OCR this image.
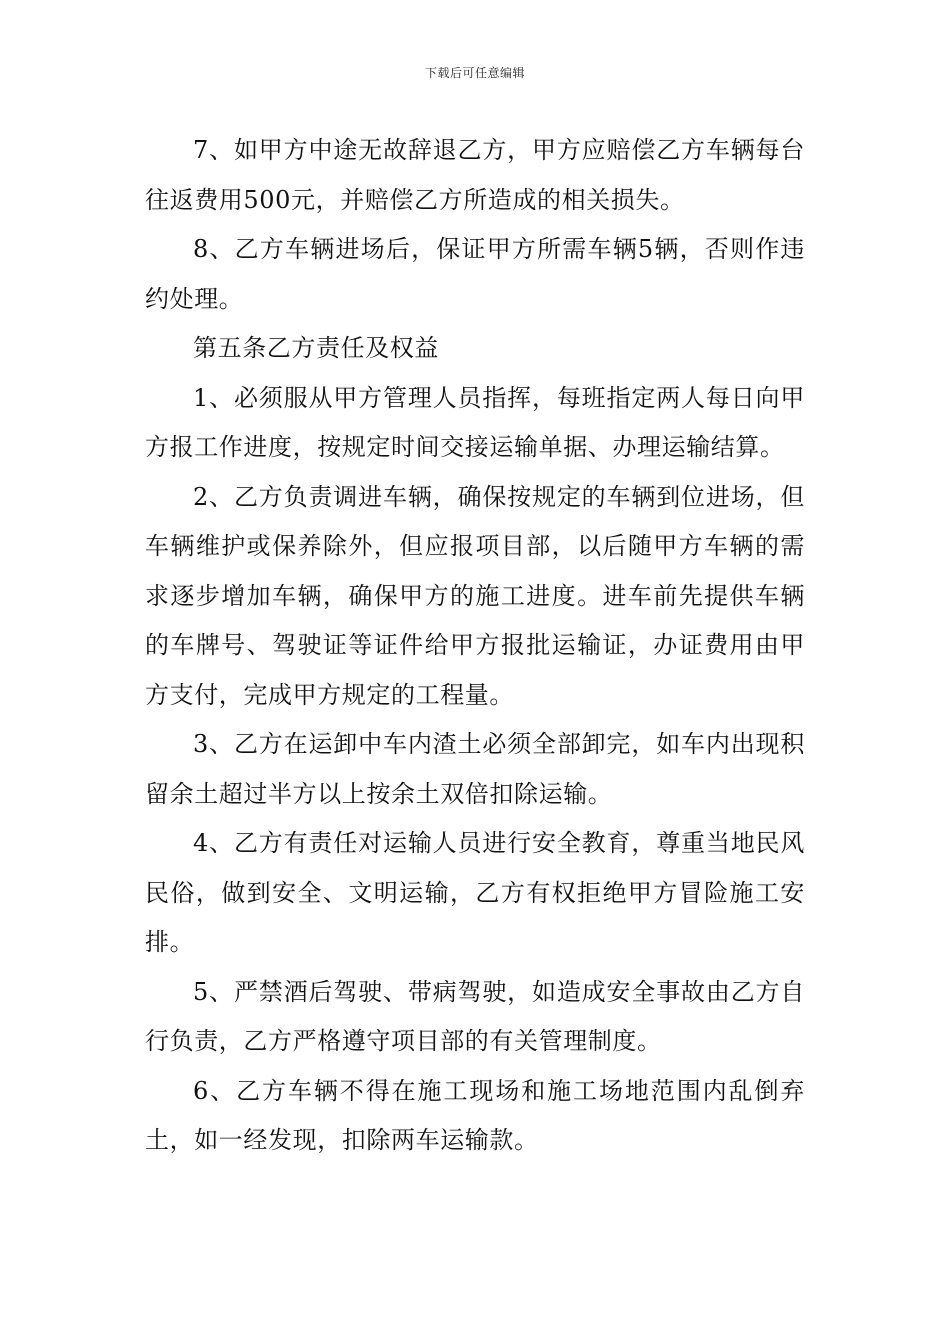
下载后可任意编辑

7、如甲方中途无故辞退乙方，甲方应赔偿乙方车辆每台往返费用500元，并赔偿乙方所造成的相关损失。

8、乙方车辆进场后，保证甲方所需车辆5辆，否则作违约处理。

第五条乙方责任及权益

1、必须服从甲方管理人员指挥，每班指定两人每日向甲方报工作进度，按规定时间交接运输单据、办理运输结算。

2、乙方负责调进车辆，确保按规定的车辆到位进场，但车辆维护或保养除外，但应报项目部，以后随甲方车辆的需求逐步增加车辆，确保甲方的施工进度。进车前先提供车辆的车牌号、驾驶证等证件给甲方报批运输证，办证费用由甲方支付，完成甲方规定的工程量。

3、乙方在运卸中车内渣土必须全部卸完，如车内出现积留余土超过半方以上按余土双倍扣除运输。

4、乙方有责任对运输人员进行安全教育，尊重当地民风民俗，做到安全、文明运输，乙方有权拒绝甲方冒险施工安排。

5、严禁酒后驾驶、带病驾驶，如造成安全事故由乙方自行负责，乙方严格遵守项目部的有关管理制度。

6、乙方车辆不得在施工现场和施工场地范围内乱倒弃土，如一经发现，扣除两车运输款。
